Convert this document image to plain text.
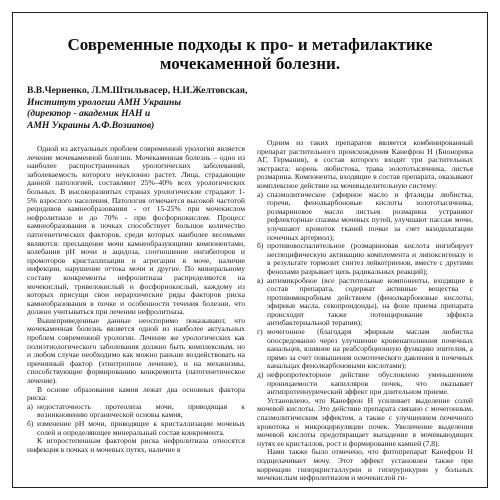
Современные подходы к про- и метафилактике
мочекаменной болезни.
В.В.Черненко, Л.М.Штильвасер, Н.И.Желтовская,
Институт урологии АМН Украины
(директор - академик НАН и
АМН Украины А.Ф.Возианов)

Одной из актуальных проблем современной урологии является лечение мочекаменной болезни. Мочекаменная болезнь – одно из наиболее распространенных урологических заболеваний, заболеваемость которого неуклонно растет. Лица, страдающие данной патологией, составляют 25%–40% всех урологических больных. В высокоразвитых странах урологические страдают 1-5% взрослого населения. Патология отмечается высокой частотой рецидивов камнеобразования - от 15-25% при мочекислом нефролитиазе и до 70% - при фосфорнокислом. Процесс камнеобразования в почках способствует большое количество патогенетических факторов, среди которых наиболее весомыми являются: пресыщение мочи камнеобразующими компонентами, колебания рН мочи и ацидоза, соотношение ингибиторов и промоторов кристаллизации и агрегации в моче, наличие инфекции, нарушение оттока мочи и другие. По минеральному составу конкременты нефролитиаза распределяются на мочекислый, тривелокислый и фосфорнокислый, каждому из которых присущи свои иерархические ряды факторов риска камнеобразования в почке и особенности течения болезни, что должно учитываться при лечении нефролитиаза.

Вышеприведенные данные неоспоримо показывают, что мочекаменная болезнь является одной из наиболее актуальных проблем современной урологии. Лечение же урологических как полиэтиологического заболевания должно быть комплексным, но и любом случае необходимо как можно раньше воздействовать на причинный фактор (этиотропное лечение), и на механизмы, способствующие формированию конкремента (патогенетическое лечение).

В основе образования камня лежат два основных фактора риска:

а) недостаточность протеолиза мочи, приводящая к возникновению органической основы камня,

б) изменение рН мочи, приводящее к кристаллизации мочевых солей и определяющее минеральный состав конкремента.

К игоростепенным фактором риска нефролитиаза относятся инфекция в почках и мочевых путях, наличие в

Одним из таких препаратов является комбинированный препарат растительного происхождения Канефрон Н (Бионорика АГ, Германия), в состав которого входят три растительных экстракта: корень любистока, трава золототысячника, листья розмарина. Компоненты, входящие в состав препарата, оказывают комплексное действие на мочевыделительную систему:

а) спазмолитическое (эфирное масло и фталиды любистка, горечи, фенолкарбоновые кислоты золототысячника, розмариновое масло листьев розмарина устраняют рефлекторные спазмы мочевых путей, улучшают пассаж мочи, улучшают кровоток тканей почки за счет вазодилатации почечных артериол);

б) противовоспалительное (розмариновая кислота ингибирует неспецифическую активацию комплемента и липоксигеназу и в результате тормозит синтез лейкотриенов, вместе с другими фенолами разрывает цепь радикальных реакций);

в) антимикробное (все растительные компоненты, входящие в состав препарата, содержат активные вещества с противомикробным действием (фенолкарбоновые кислоты, эфирные масла, секопроидоиды), на фоне приема препарата происходит также потенцирование эффекта антибактериальной терапии);

г) мочегонное (благодаря эфирным маслам любистка опосредованно через улучшение кровенаполнения почечных канальцев, влияние на реабсорбционную функцию эпителия, а прямо за счет повышения осмотического давления в почечных канальцах фенолкарбоновыми кислотами);

д) нефропротекторное действие обусловлено уменьшением проницаемости капилляров почек, что оказывает антипротеинурический эффект при длительном приеме.

Установлено, что Канефрон Н усиливает выделение солей мочевой кислоты. Это действие препарата связано с мочегонным, спазмолитическим эффектом, а также с улучшением почечного кровотока и микроциркуляции почек. Увеличение выделения мочевой кислоты предотвращает выпадение в мочевыводящих путях ее кристаллов, рост и формирование камней (7,8).

Нами также было отмечено, что фитопрепарат Канефрон Н подщелачивает мочу. Этот эффект установлен также при коррекции гиперкристаллурии и гиперурикурии у больных мочекислым нефролитиазом и мочекислой ги-
